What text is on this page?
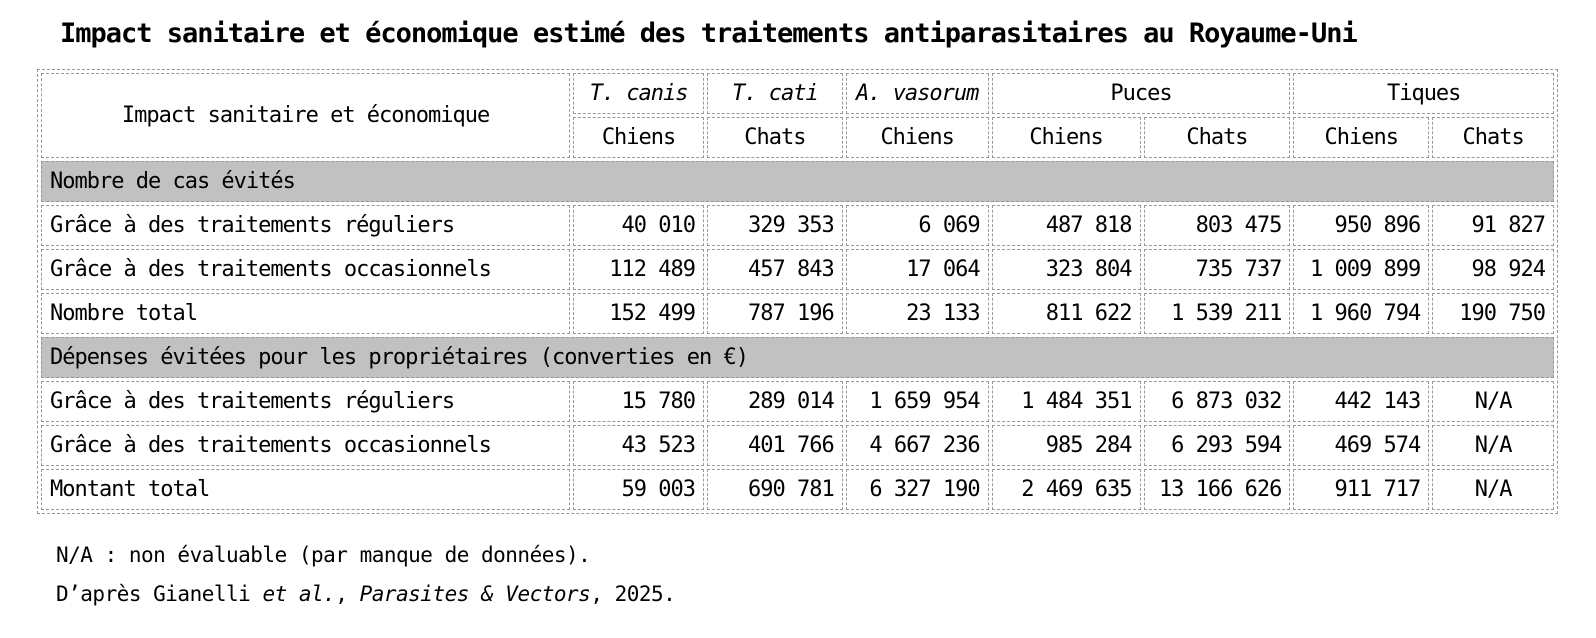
Impact sanitaire et économique estimé des traitements antiparasitaires au Royaume-Uni
Impact sanitaire et économique	T. canis	T. cati	A. vasorum	Puces		Tiques	
	Chiens	Chats	Chiens	Chiens	Chats	Chiens	Chats
Nombre de cas évités							
Grâce à des traitements réguliers	40 010	329 353	6 069	487 818	803 475	950 896	91 827
Grâce à des traitements occasionnels	112 489	457 843	17 064	323 804	735 737	1 009 899	98 924
Nombre total	152 499	787 196	23 133	811 622	1 539 211	1 960 794	190 750
Dépenses évitées pour les propriétaires (converties en €)							
Grâce à des traitements réguliers	15 780	289 014	1 659 954	1 484 351	6 873 032	442 143	N/A
Grâce à des traitements occasionnels	43 523	401 766	4 667 236	985 284	6 293 594	469 574	N/A
Montant total	59 003	690 781	6 327 190	2 469 635	13 166 626	911 717	N/A
N/A : non évaluable (par manque de données).
D’après Gianelli et al., Parasites & Vectors, 2025.
